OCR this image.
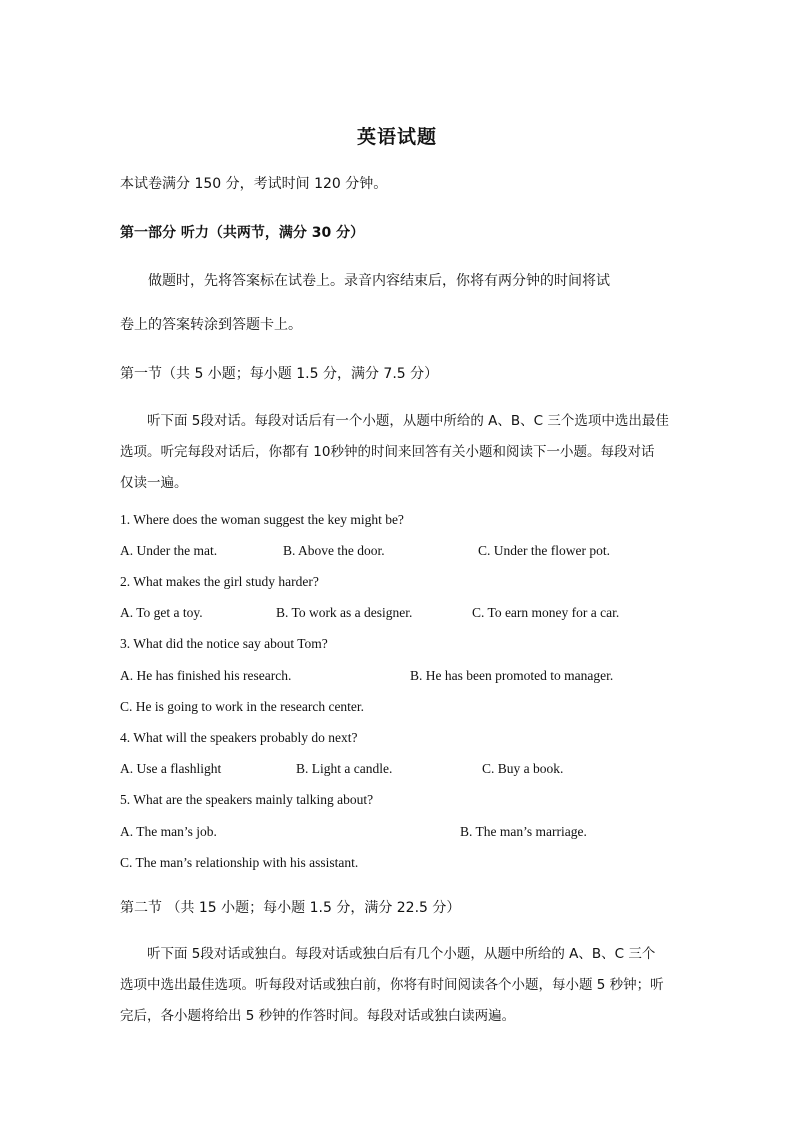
英语试题
本试卷满分 150 分，考试时间 120 分钟。
第一部分 听力（共两节，满分 30 分）
做题时，先将答案标在试卷上。录音内容结束后，你将有两分钟的时间将试
卷上的答案转涂到答题卡上。
第一节（共 5 小题；每小题 1.5 分，满分 7.5 分）
听下面 5段对话。每段对话后有一个小题，从题中所给的 A、B、C 三个选项中选出最佳
选项。听完每段对话后，你都有 10秒钟的时间来回答有关小题和阅读下一小题。每段对话
仅读一遍。
1. Where does the woman suggest the key might be?
A. Under the mat.	B. Above the door.	C. Under the flower pot.
2. What makes the girl study harder?
A. To get a toy.	B. To work as a designer.	C. To earn money for a car.
3. What did the notice say about Tom?
A. He has finished his research.	B. He has been promoted to manager.
C. He is going to work in the research center.
4. What will the speakers probably do next?
A. Use a flashlight	B. Light a candle.	C. Buy a book.
5. What are the speakers mainly talking about?
A. The man’s job.	B. The man’s marriage.
C. The man’s relationship with his assistant.
第二节 （共 15 小题；每小题 1.5 分，满分 22.5 分）
听下面 5段对话或独白。每段对话或独白后有几个小题，从题中所给的 A、B、C 三个
选项中选出最佳选项。听每段对话或独白前，你将有时间阅读各个小题，每小题 5 秒钟；听
完后，各小题将给出 5 秒钟的作答时间。每段对话或独白读两遍。
